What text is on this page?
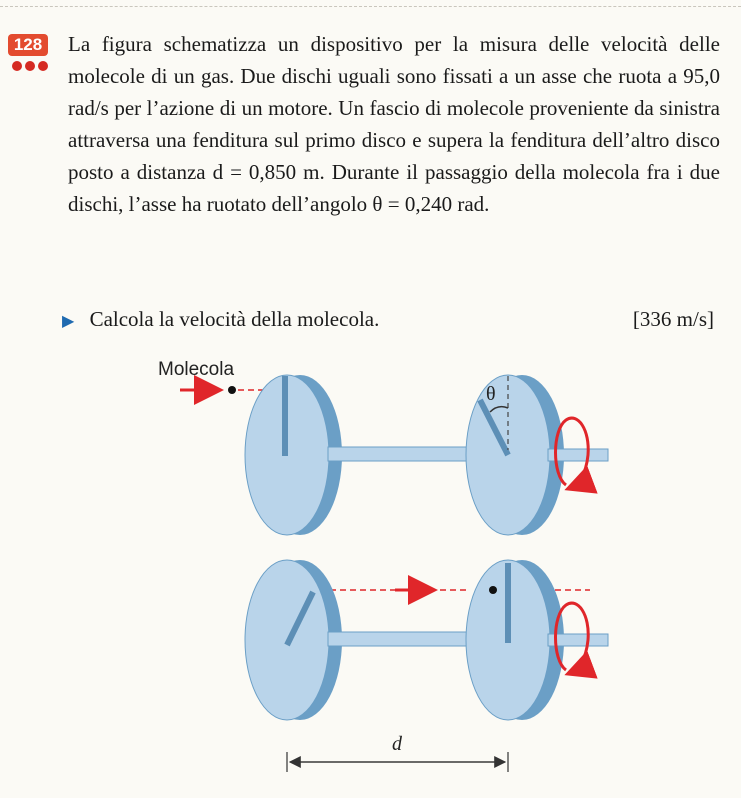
128 La figura schematizza un dispositivo per la misura delle velocità delle molecole di un gas. Due dischi uguali sono fissati a un asse che ruota a 95,0 rad/s per l’azione di un motore. Un fascio di molecole proveniente da sinistra attraversa una fenditura sul primo disco e supera la fenditura dell’altro disco posto a distanza d = 0,850 m. Durante il passaggio della molecola fra i due dischi, l’asse ha ruotato dell’angolo θ = 0,240 rad.
▶ Calcola la velocità della molecola.	[336 m/s]
Molecola
θ
d
